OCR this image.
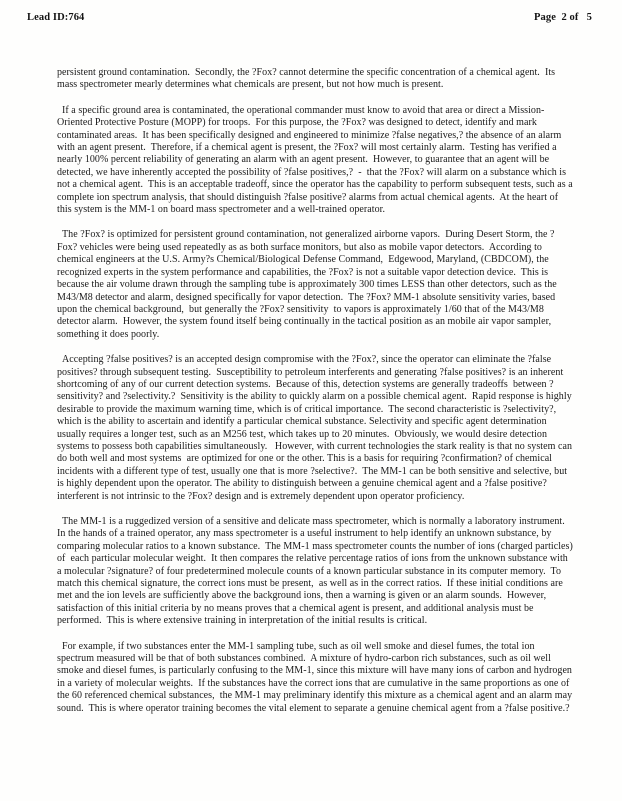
Lead ID:764	Page  2 of   5

persistent ground contamination.  Secondly, the ?Fox? cannot determine the specific concentration of a chemical agent.  Its mass spectrometer mearly determines what chemicals are present, but not how much is present.

If a specific ground area is contaminated, the operational commander must know to avoid that area or direct a Mission-Oriented Protective Posture (MOPP) for troops.  For this purpose, the ?Fox? was designed to detect, identify and mark contaminated areas.  It has been specifically designed and engineered to minimize ?false negatives,? the absence of an alarm with an agent present.  Therefore, if a chemical agent is present, the ?Fox? will most certainly alarm.  Testing has verified a nearly 100% percent reliability of generating an alarm with an agent present.  However, to guarantee that an agent will be detected, we have inherently accepted the possibility of ?false positives,?  -  that the ?Fox? will alarm on a substance which is not a chemical agent.  This is an acceptable tradeoff, since the operator has the capability to perform subsequent tests, such as a complete ion spectrum analysis, that should distinguish ?false positive? alarms from actual chemical agents.  At the heart of this system is the MM-1 on board mass spectrometer and a well-trained operator.

The ?Fox? is optimized for persistent ground contamination, not generalized airborne vapors.  During Desert Storm, the ?Fox? vehicles were being used repeatedly as as both surface monitors, but also as mobile vapor detectors.  According to chemical engineers at the U.S. Army?s Chemical/Biological Defense Command,  Edgewood, Maryland, (CBDCOM), the recognized experts in the system performance and capabilities, the ?Fox? is not a suitable vapor detection device.  This is because the air volume drawn through the sampling tube is approximately 300 times LESS than other detectors, such as the M43/M8 detector and alarm, designed specifically for vapor detection.  The ?Fox? MM-1 absolute sensitivity varies, based upon the chemical background,  but generally the ?Fox? sensitivity  to vapors is approximately 1/60 that of the M43/M8 detector alarm.  However, the system found itself being continually in the tactical position as an mobile air vapor sampler, something it does poorly.

Accepting ?false positives? is an accepted design compromise with the ?Fox?, since the operator can eliminate the ?false positives? through subsequent testing.  Susceptibility to petroleum interferents and generating ?false positives? is an inherent shortcoming of any of our current detection systems.  Because of this, detection systems are generally tradeoffs  between ?sensitivity? and ?selectivity.?  Sensitivity is the ability to quickly alarm on a possible chemical agent.  Rapid response is highly desirable to provide the maximum warning time, which is of critical importance.  The second characteristic is ?selectivity?, which is the ability to ascertain and identify a particular chemical substance. Selectivity and specific agent determination usually requires a longer test, such as an M256 test, which takes up to 20 minutes.  Obviously, we would desire detection systems to possess both capabilities simultaneously.   However, with current technologies the stark reality is that no system can do both well and most systems  are optimized for one or the other. This is a basis for requiring ?confirmation? of chemical incidents with a different type of test, usually one that is more ?selective?.  The MM-1 can be both sensitive and selective, but is highly dependent upon the operator. The ability to distinguish between a genuine chemical agent and a ?false positive? interferent is not intrinsic to the ?Fox? design and is extremely dependent upon operator proficiency.

The MM-1 is a ruggedized version of a sensitive and delicate mass spectrometer, which is normally a laboratory instrument.  In the hands of a trained operator, any mass spectrometer is a useful instrument to help identify an unknown substance, by comparing molecular ratios to a known substance.  The MM-1 mass spectrometer counts the number of ions (charged particles) of  each particular molecular weight.  It then compares the relative percentage ratios of ions from the unknown substance with a molecular ?signature? of four predetermined molecule counts of a known particular substance in its computer memory.  To match this chemical signature, the correct ions must be present,  as well as in the correct ratios.  If these initial conditions are met and the ion levels are sufficiently above the background ions, then a warning is given or an alarm sounds.  However, satisfaction of this initial criteria by no means proves that a chemical agent is present, and additional analysis must be performed.  This is where extensive training in interpretation of the initial results is critical.

For example, if two substances enter the MM-1 sampling tube, such as oil well smoke and diesel fumes, the total ion spectrum measured will be that of both substances combined.  A mixture of hydro-carbon rich substances, such as oil well smoke and diesel fumes, is particularly confusing to the MM-1, since this mixture will have many ions of carbon and hydrogen in a variety of molecular weights.  If the substances have the correct ions that are cumulative in the same proportions as one of the 60 referenced chemical substances,  the MM-1 may preliminary identify this mixture as a chemical agent and an alarm may sound.  This is where operator training becomes the vital element to separate a genuine chemical agent from a ?false positive.?
